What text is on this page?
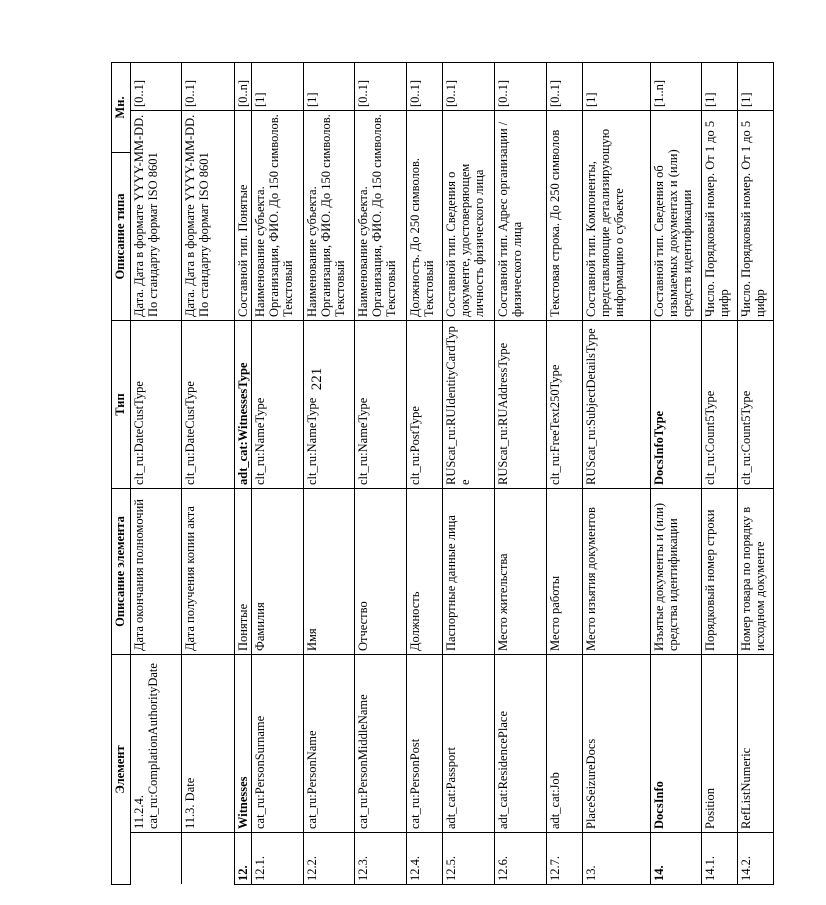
221
Элемент		Описание элемента	Тип	Описание типа	Мн.	
	11.2.4. cat_ru:ComplationAuthorityDate	Дата окончания полномочий	clt_ru:DateCustType	Дата. Дата в формате YYYY-MM-DD. По стандарту формат ISO 8601		[0..1]
	11.3. Date	Дата получения копии акта	clt_ru:DateCustType	Дата. Дата в формате YYYY-MM-DD. По стандарту формат ISO 8601		[0..1]
12.	Witnesses	Понятые	adt_cat:WitnessesType	Составной тип. Понятые		[0..n]
12.1.	cat_ru:PersonSurname	Фамилия	clt_ru:NameType	Наименование субъекта. Организация, ФИО. До 150 символов. Текстовый		[1]
12.2.	cat_ru:PersonName	Имя	clt_ru:NameType	Наименование субъекта. Организация, ФИО. До 150 символов. Текстовый		[1]
12.3.	cat_ru:PersonMiddleName	Отчество	clt_ru:NameType	Наименование субъекта. Организация, ФИО. До 150 символов. Текстовый		[0..1]
12.4.	cat_ru:PersonPost	Должность	clt_ru:PostType	Должность. До 250 символов. Текстовый		[0..1]
12.5.	adt_cat:Passport	Паспортные данные лица	RUScat_ru:RUIdentityCardType	Составной тип. Сведения о документе, удостоверяющем личность физического лица		[0..1]
12.6.	adt_cat:ResidencePlace	Место жительства	RUScat_ru:RUAddressType	Составной тип. Адрес организации / физического лица		[0..1]
12.7.	adt_cat:Job	Место работы	clt_ru:FreeText250Type	Текстовая строка. До 250 символов		[0..1]
13.	PlaceSeizureDocs	Место изъятия документов	RUScat_ru:SubjectDetailsType	Составной тип. Компоненты, представляющие детализирующую информацию о субъекте		[1]
14.	DocsInfo	Изъятые документы и (или) средства идентификации	DocsInfoType	Составной тип. Сведения об изымаемых документах и (или) средств идентификации		[1..n]
14.1.	Position	Порядковый номер строки	clt_ru:Count5Type	Число. Порядковый номер. От 1 до 5 цифр		[1]
14.2.	RefListNumeric	Номер товара по порядку в исходном документе	clt_ru:Count5Type	Число. Порядковый номер. От 1 до 5 цифр		[1]
